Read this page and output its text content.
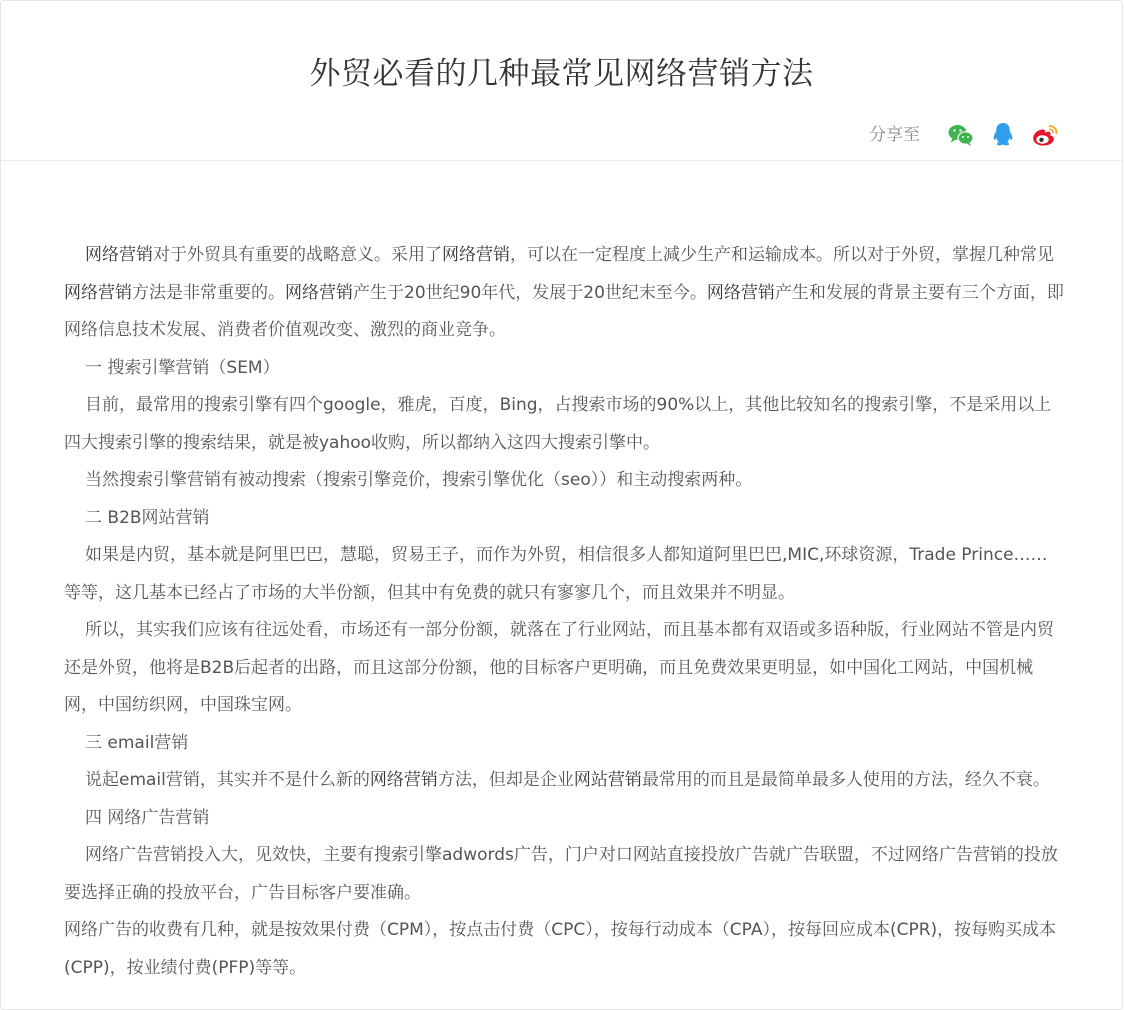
外贸必看的几种最常见网络营销方法
分享至

网络营销对于外贸具有重要的战略意义。采用了网络营销，可以在一定程度上减少生产和运输成本。所以对于外贸，掌握几种常见网络营销方法是非常重要的。网络营销产生于20世纪90年代，发展于20世纪末至今。网络营销产生和发展的背景主要有三个方面，即网络信息技术发展、消费者价值观改变、激烈的商业竞争。

一 搜索引擎营销（SEM）

目前，最常用的搜索引擎有四个google，雅虎，百度，Bing，占搜索市场的90%以上，其他比较知名的搜索引擎，不是采用以上四大搜索引擎的搜索结果，就是被yahoo收购，所以都纳入这四大搜索引擎中。

当然搜索引擎营销有被动搜索（搜索引擎竞价，搜索引擎优化（seo））和主动搜索两种。

二 B2B网站营销

如果是内贸，基本就是阿里巴巴，慧聪，贸易王子，而作为外贸，相信很多人都知道阿里巴巴,MIC,环球资源，Trade Prince……等等，这几基本已经占了市场的大半份额，但其中有免费的就只有寥寥几个，而且效果并不明显。

所以，其实我们应该有往远处看，市场还有一部分份额，就落在了行业网站，而且基本都有双语或多语种版，行业网站不管是内贸还是外贸，他将是B2B后起者的出路，而且这部分份额，他的目标客户更明确，而且免费效果更明显，如中国化工网站，中国机械网，中国纺织网，中国珠宝网。

三 email营销

说起email营销，其实并不是什么新的网络营销方法，但却是企业网站营销最常用的而且是最简单最多人使用的方法，经久不衰。

四 网络广告营销

网络广告营销投入大，见效快，主要有搜索引擎adwords广告，门户对口网站直接投放广告就广告联盟，不过网络广告营销的投放要选择正确的投放平台，广告目标客户要准确。

网络广告的收费有几种，就是按效果付费（CPM），按点击付费（CPC），按每行动成本（CPA），按每回应成本(CPR)，按每购买成本(CPP)，按业绩付费(PFP)等等。
